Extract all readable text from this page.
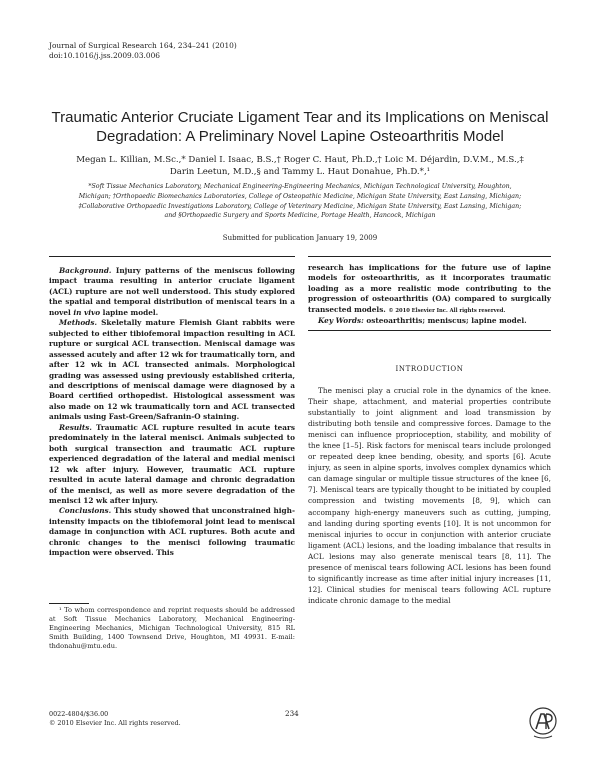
Journal of Surgical Research 164, 234–241 (2010)
doi:10.1016/j.jss.2009.03.006
Traumatic Anterior Cruciate Ligament Tear and its Implications on Meniscal
Degradation: A Preliminary Novel Lapine Osteoarthritis Model
Megan L. Killian, M.Sc.,* Daniel I. Isaac, B.S.,† Roger C. Haut, Ph.D.,† Loic M. Déjardin, D.V.M., M.S.,‡
Darin Leetun, M.D.,§ and Tammy L. Haut Donahue, Ph.D.*,¹
*Soft Tissue Mechanics Laboratory, Mechanical Engineering-Engineering Mechanics, Michigan Technological University, Houghton,
Michigan; †Orthopaedic Biomechanics Laboratories, College of Osteopathic Medicine, Michigan State University, East Lansing, Michigan;
‡Collaborative Orthopaedic Investigations Laboratory, College of Veterinary Medicine, Michigan State University, East Lansing, Michigan;
and §Orthopaedic Surgery and Sports Medicine, Portage Health, Hancock, Michigan
Submitted for publication January 19, 2009

Background. Injury patterns of the meniscus following impact trauma resulting in anterior cruciate ligament (ACL) rupture are not well understood. This study explored the spatial and temporal distribution of meniscal tears in a novel in vivo lapine model.

Methods. Skeletally mature Flemish Giant rabbits were subjected to either tibiofemoral impaction resulting in ACL rupture or surgical ACL transection. Meniscal damage was assessed acutely and after 12 wk for traumatically torn, and after 12 wk in ACL transected animals. Morphological grading was assessed using previously established criteria, and descriptions of meniscal damage were diagnosed by a Board certified orthopedist. Histological assessment was also made on 12 wk traumatically torn and ACL transected animals using Fast-Green/Safranin-O staining.

Results. Traumatic ACL rupture resulted in acute tears predominately in the lateral menisci. Animals subjected to both surgical transection and traumatic ACL rupture experienced degradation of the lateral and medial menisci 12 wk after injury. However, traumatic ACL rupture resulted in acute lateral damage and chronic degradation of the menisci, as well as more severe degradation of the menisci 12 wk after injury.

Conclusions. This study showed that unconstrained high-intensity impacts on the tibiofemoral joint lead to meniscal damage in conjunction with ACL ruptures. Both acute and chronic changes to the menisci following traumatic impaction were observed. This

¹ To whom correspondence and reprint requests should be addressed at Soft Tissue Mechanics Laboratory, Mechanical Engineering-Engineering Mechanics, Michigan Technological University, 815 RL Smith Building, 1400 Townsend Drive, Houghton, MI 49931. E-mail: thdonahu@mtu.edu.

research has implications for the future use of lapine models for osteoarthritis, as it incorporates traumatic loading as a more realistic mode contributing to the progression of osteoarthritis (OA) compared to surgically transected models. © 2010 Elsevier Inc. All rights reserved.

Key Words: osteoarthritis; meniscus; lapine model.

INTRODUCTION

The menisci play a crucial role in the dynamics of the knee. Their shape, attachment, and material properties contribute substantially to joint alignment and load transmission by distributing both tensile and compressive forces. Damage to the menisci can influence proprioception, stability, and mobility of the knee [1–5]. Risk factors for meniscal tears include prolonged or repeated deep knee bending, obesity, and sports [6]. Acute injury, as seen in alpine sports, involves complex dynamics which can damage singular or multiple tissue structures of the knee [6, 7]. Meniscal tears are typically thought to be initiated by coupled compression and twisting movements [8, 9], which can accompany high-energy maneuvers such as cutting, jumping, and landing during sporting events [10]. It is not uncommon for meniscal injuries to occur in conjunction with anterior cruciate ligament (ACL) lesions, and the loading imbalance that results in ACL lesions may also generate meniscal tears [8, 11]. The presence of meniscal tears following ACL lesions has been found to significantly increase as time after initial injury increases [11, 12]. Clinical studies for meniscal tears following ACL rupture indicate chronic damage to the medial

0022-4804/$36.00
© 2010 Elsevier Inc. All rights reserved.
234
